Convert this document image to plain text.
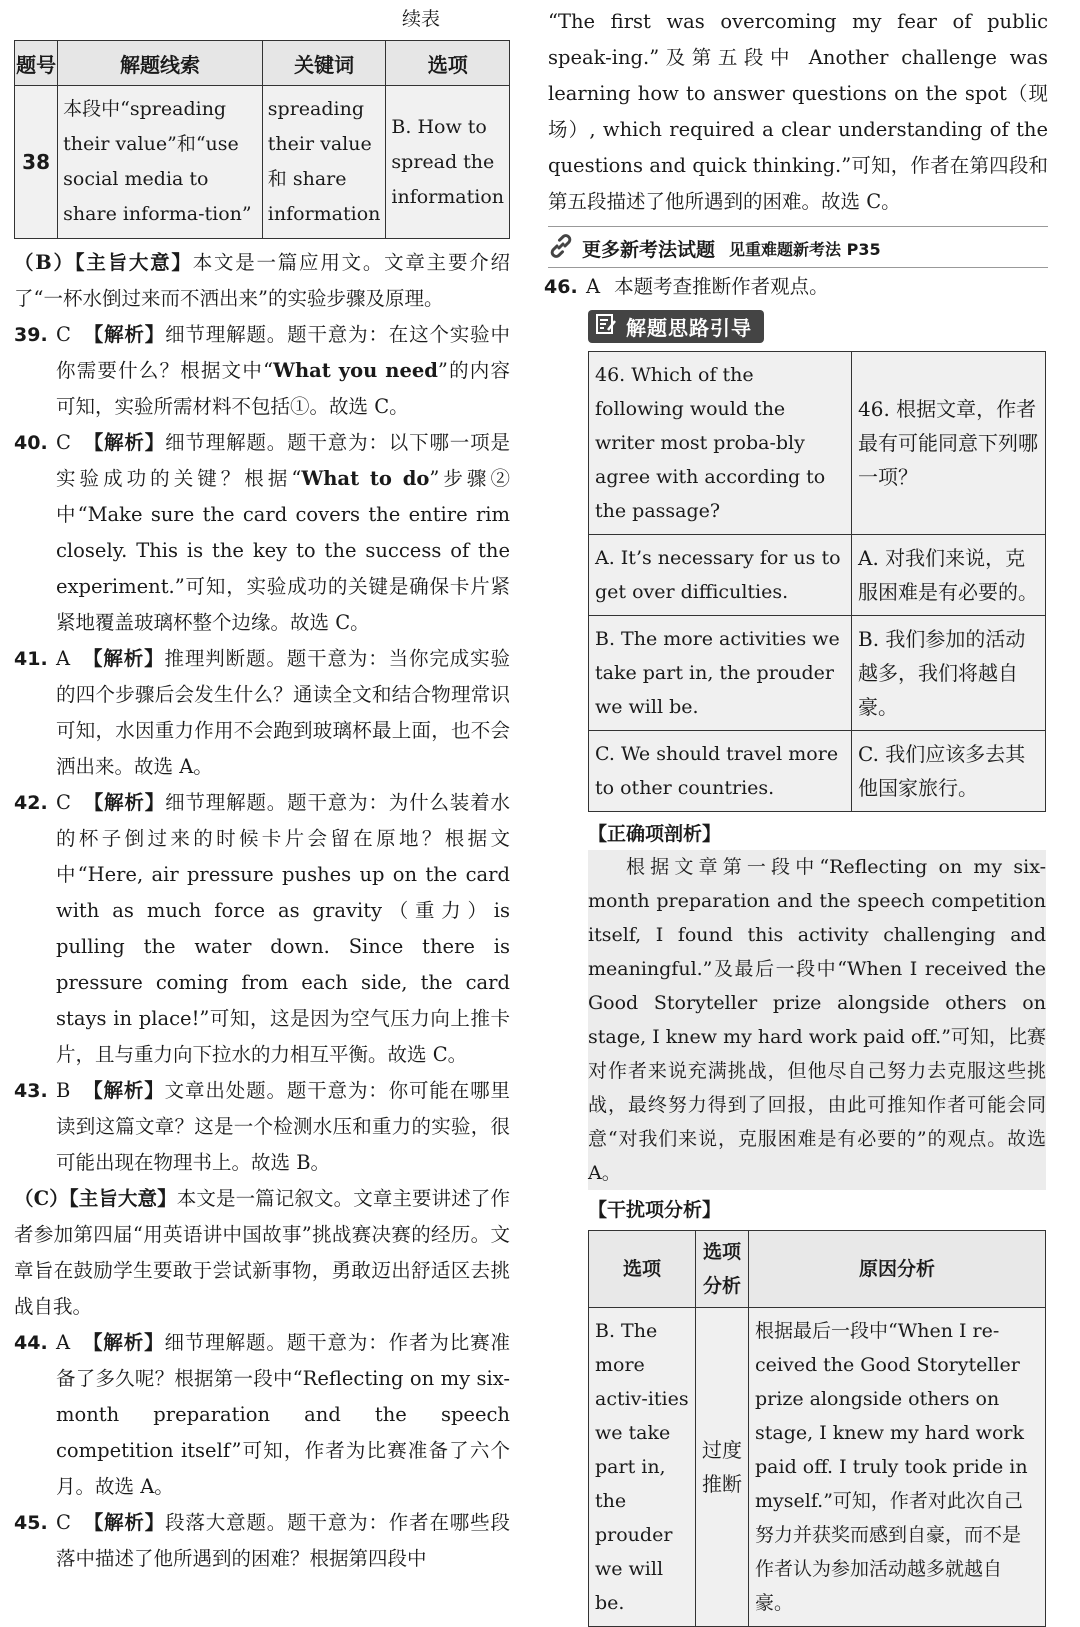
续表
题号	解题线索	关键词	选项
38	本段中“spreading their value”和“use social media to share informa-tion”	spreading their value 和 share information	B. How to spread the information

（B）【主旨大意】本文是一篇应用文。文章主要介绍了“一杯水倒过来而不洒出来”的实验步骤及原理。

39. C 【解析】细节理解题。题干意为：在这个实验中你需要什么？根据文中“What you need”的内容可知，实验所需材料不包括①。故选 C。
40. C 【解析】细节理解题。题干意为：以下哪一项是实验成功的关键？根据“What to do”步骤②中“Make sure the card covers the entire rim closely. This is the key to the success of the experiment.”可知，实验成功的关键是确保卡片紧紧地覆盖玻璃杯整个边缘。故选 C。
41. A 【解析】推理判断题。题干意为：当你完成实验的四个步骤后会发生什么？通读全文和结合物理常识可知，水因重力作用不会跑到玻璃杯最上面，也不会洒出来。故选 A。
42. C 【解析】细节理解题。题干意为：为什么装着水的杯子倒过来的时候卡片会留在原地？根据文中“Here, air pressure pushes up on the card with as much force as gravity（重力）is pulling the water down. Since there is pressure coming from each side, the card stays in place!”可知，这是因为空气压力向上推卡片，且与重力向下拉水的力相互平衡。故选 C。
43. B 【解析】文章出处题。题干意为：你可能在哪里读到这篇文章？这是一个检测水压和重力的实验，很可能出现在物理书上。故选 B。

（C）【主旨大意】本文是一篇记叙文。文章主要讲述了作者参加第四届“用英语讲中国故事”挑战赛决赛的经历。文章旨在鼓励学生要敢于尝试新事物，勇敢迈出舒适区去挑战自我。

44. A 【解析】细节理解题。题干意为：作者为比赛准备了多久呢？根据第一段中“Reflecting on my six-month preparation and the speech competition itself”可知，作者为比赛准备了六个月。故选 A。
45. C 【解析】段落大意题。题干意为：作者在哪些段落中描述了他所遇到的困难？根据第四段中

“The first was overcoming my fear of public speak-ing.”及第五段中 Another challenge was learning how to answer questions on the spot（现场）, which required a clear understanding of the questions and quick thinking.”可知，作者在第四段和第五段描述了他所遇到的困难。故选 C。

更多新考法试题 见重难题新考法 P35
46. A 本题考查推断作者观点。
解题思路引导
46. Which of the following would the writer most proba-bly agree with according to the passage?	46. 根据文章，作者最有可能同意下列哪一项？
A. It’s necessary for us to get over difficulties.	A. 对我们来说，克服困难是有必要的。
B. The more activities we take part in, the prouder we will be.	B. 我们参加的活动越多，我们将越自豪。
C. We should travel more to other countries.	C. 我们应该多去其他国家旅行。

【正确项剖析】

根据文章第一段中“Reflecting on my six-month preparation and the speech competition itself, I found this activity challenging and meaningful.”及最后一段中“When I received the Good Storyteller prize alongside others on stage, I knew my hard work paid off.”可知，比赛对作者来说充满挑战，但他尽自己努力去克服这些挑战，最终努力得到了回报，由此可推知作者可能会同意“对我们来说，克服困难是有必要的”的观点。故选 A。

【干扰项分析】

选项	选项分析	原因分析
B. The more activ-ities we take part in, the prouder we will be.	过度推断	根据最后一段中“When I re-ceived the Good Storyteller prize alongside others on stage, I knew my hard work paid off. I truly took pride in myself.”可知，作者对此次自己努力并获奖而感到自豪，而不是作者认为参加活动越多就越自豪。
